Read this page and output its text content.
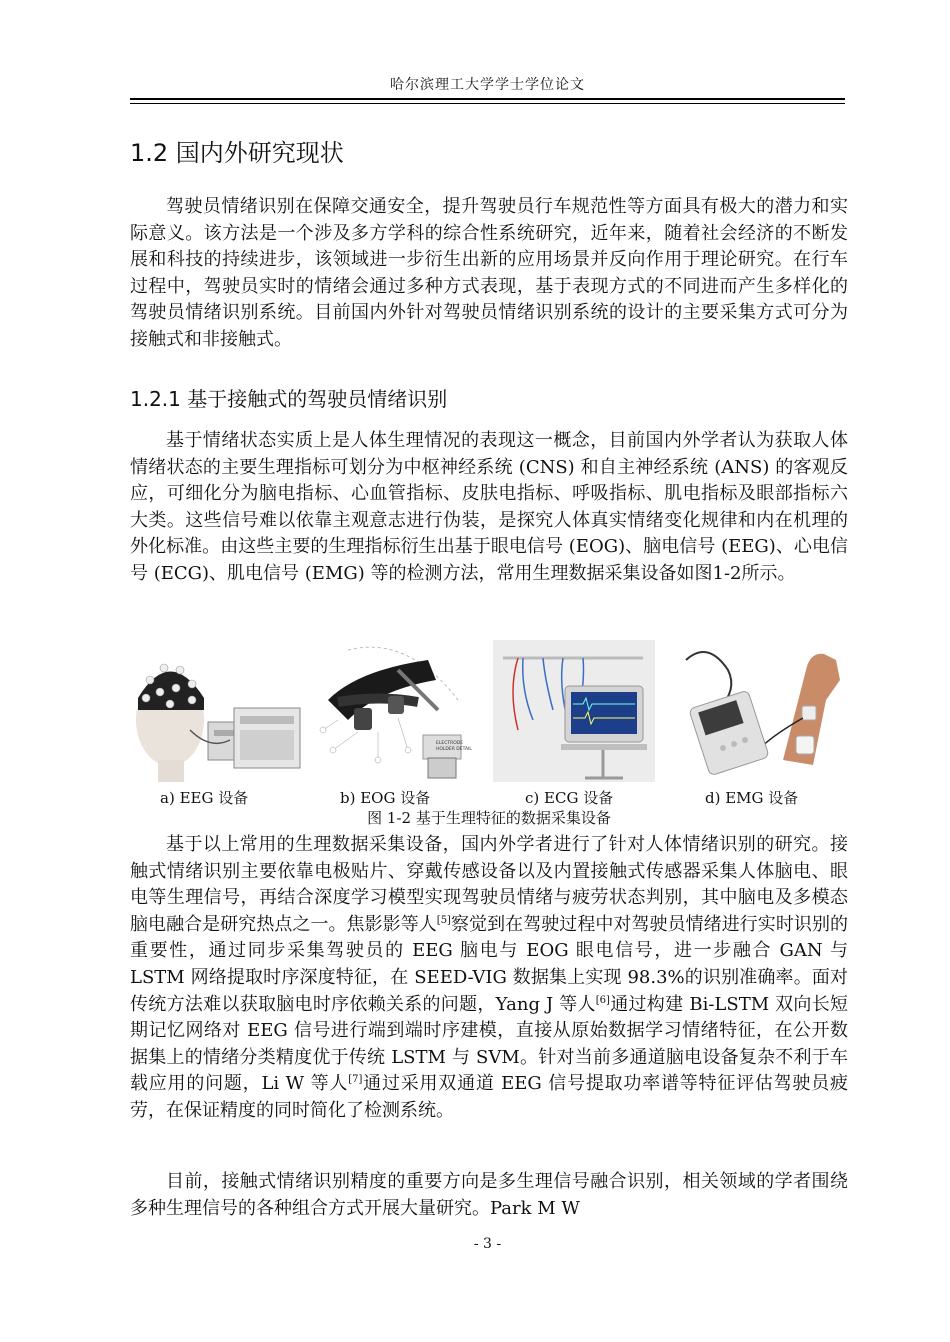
哈尔滨理工大学学士学位论文
1.2 国内外研究现状

驾驶员情绪识别在保障交通安全，提升驾驶员行车规范性等方面具有极大的潜力和实际意义。该方法是一个涉及多方学科的综合性系统研究，近年来，随着社会经济的不断发展和科技的持续进步，该领域进一步衍生出新的应用场景并反向作用于理论研究。在行车过程中，驾驶员实时的情绪会通过多种方式表现，基于表现方式的不同进而产生多样化的驾驶员情绪识别系统。目前国内外针对驾驶员情绪识别系统的设计的主要采集方式可分为接触式和非接触式。

1.2.1 基于接触式的驾驶员情绪识别

基于情绪状态实质上是人体生理情况的表现这一概念，目前国内外学者认为获取人体情绪状态的主要生理指标可划分为中枢神经系统 (CNS) 和自主神经系统 (ANS) 的客观反应，可细化分为脑电指标、心血管指标、皮肤电指标、呼吸指标、肌电指标及眼部指标六大类。这些信号难以依靠主观意志进行伪装，是探究人体真实情绪变化规律和内在机理的外化标准。由这些主要的生理指标衍生出基于眼电信号 (EOG)、脑电信号 (EEG)、心电信号 (ECG)、肌电信号 (EMG) 等的检测方法，常用生理数据采集设备如图1-2所示。

ELECTRODE
HOLDER DETAIL
a) EEG 设备	b) EOG 设备	c) ECG 设备	d) EMG 设备
图 1-2 基于生理特征的数据采集设备

基于以上常用的生理数据采集设备，国内外学者进行了针对人体情绪识别的研究。接触式情绪识别主要依靠电极贴片、穿戴传感设备以及内置接触式传感器采集人体脑电、眼电等生理信号，再结合深度学习模型实现驾驶员情绪与疲劳状态判别，其中脑电及多模态脑电融合是研究热点之一。焦影影等人[5]察觉到在驾驶过程中对驾驶员情绪进行实时识别的重要性，通过同步采集驾驶员的 EEG 脑电与 EOG 眼电信号，进一步融合 GAN 与 LSTM 网络提取时序深度特征，在 SEED-VIG 数据集上实现 98.3%的识别准确率。面对传统方法难以获取脑电时序依赖关系的问题，Yang J 等人[6]通过构建 Bi-LSTM 双向长短期记忆网络对 EEG 信号进行端到端时序建模，直接从原始数据学习情绪特征，在公开数据集上的情绪分类精度优于传统 LSTM 与 SVM。针对当前多通道脑电设备复杂不利于车载应用的问题，Li W 等人[7]通过采用双通道 EEG 信号提取功率谱等特征评估驾驶员疲劳，在保证精度的同时简化了检测系统。

目前，接触式情绪识别精度的重要方向是多生理信号融合识别，相关领域的学者围绕多种生理信号的各种组合方式开展大量研究。Park M W

- 3 -
